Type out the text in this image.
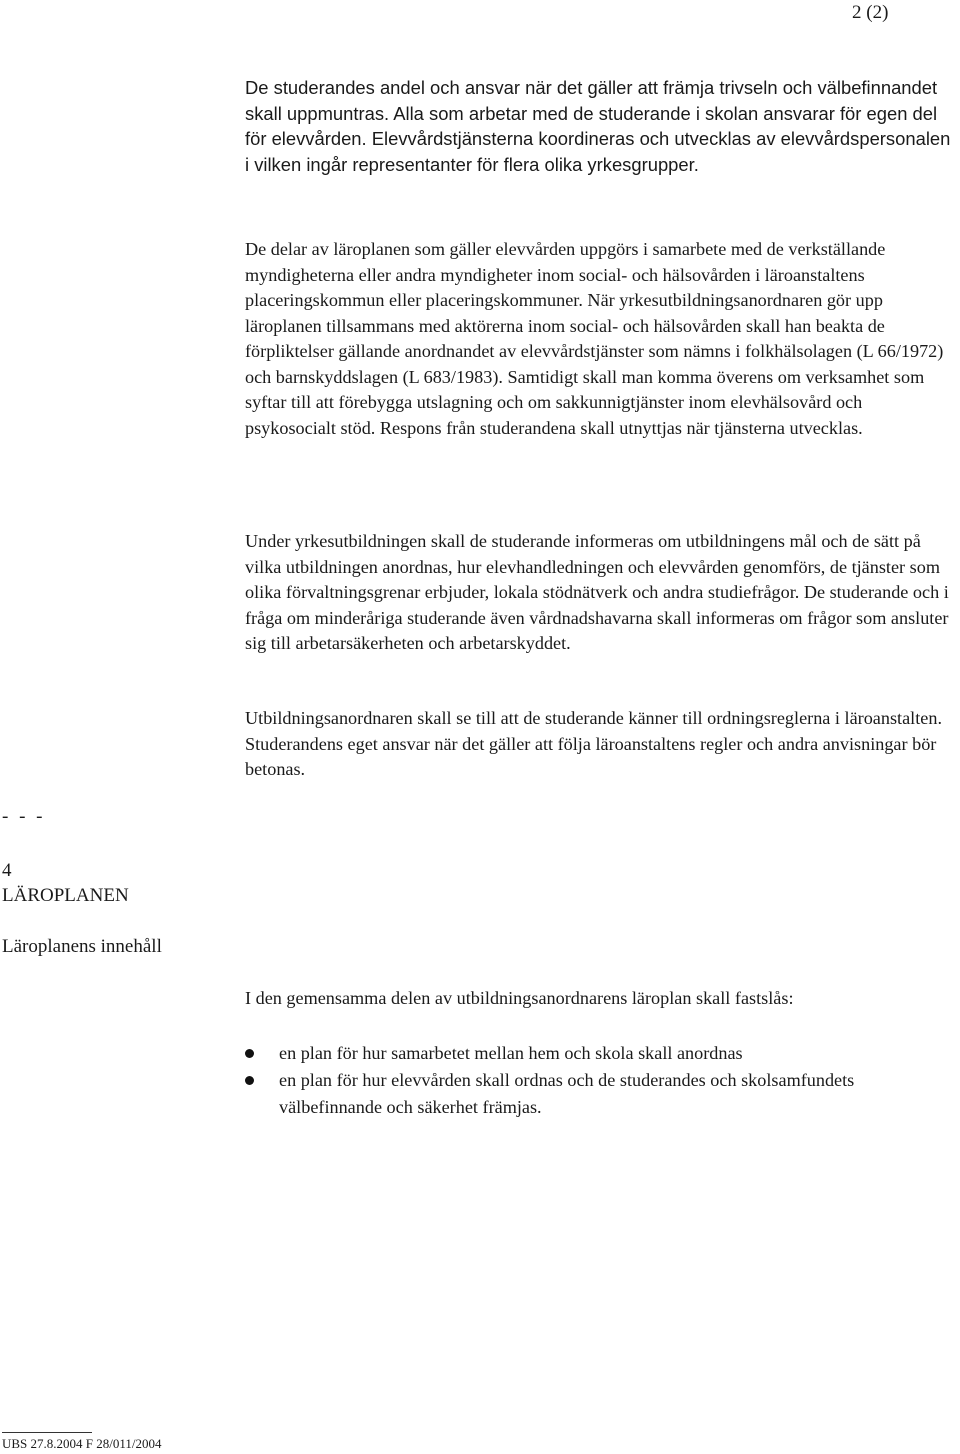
2 (2)

De studerandes andel och ansvar när det gäller att främja trivseln och välbefinnandet skall uppmuntras. Alla som arbetar med de studerande i skolan ansvarar för egen del för elevvården. Elevvårdstjänsterna koordineras och utvecklas av elevvårdspersonalen i vilken ingår representanter för flera olika yrkesgrupper.

De delar av läroplanen som gäller elevvården uppgörs i samarbete med de verkställande myndigheterna eller andra myndigheter inom social- och hälsovården i läroanstaltens placeringskommun eller placeringskommuner. När yrkesutbildningsanordnaren gör upp läroplanen tillsammans med aktörerna inom social- och hälsovården skall han beakta de förpliktelser gällande anordnandet av elevvårdstjänster som nämns i folkhälsolagen (L 66/1972) och barnskyddslagen (L 683/1983). Samtidigt skall man komma överens om verksamhet som syftar till att förebygga utslagning och om sakkunnigtjänster inom elevhälsovård och psykosocialt stöd. Respons från studerandena skall utnyttjas när tjänsterna utvecklas.

Under yrkesutbildningen skall de studerande informeras om utbildningens mål och de sätt på vilka utbildningen anordnas, hur elevhandledningen och elevvården genomförs, de tjänster som olika förvaltningsgrenar erbjuder, lokala stödnätverk och andra studiefrågor. De studerande och i fråga om minderåriga studerande även vårdnadshavarna skall informeras om frågor som ansluter sig till arbetarsäkerheten och arbetarskyddet.

Utbildningsanordnaren skall se till att de studerande känner till ordningsreglerna i läroanstalten. Studerandens eget ansvar när det gäller att följa läroanstaltens regler och andra anvisningar bör betonas.

- - -
4
LÄROPLANEN
Läroplanens innehåll

I den gemensamma delen av utbildningsanordnarens läroplan skall fastslås:

en plan för hur samarbetet mellan hem och skola skall anordnas
en plan för hur elevvården skall ordnas och de studerandes och skolsamfundets välbefinnande och säkerhet främjas.
UBS 27.8.2004 F 28/011/2004
